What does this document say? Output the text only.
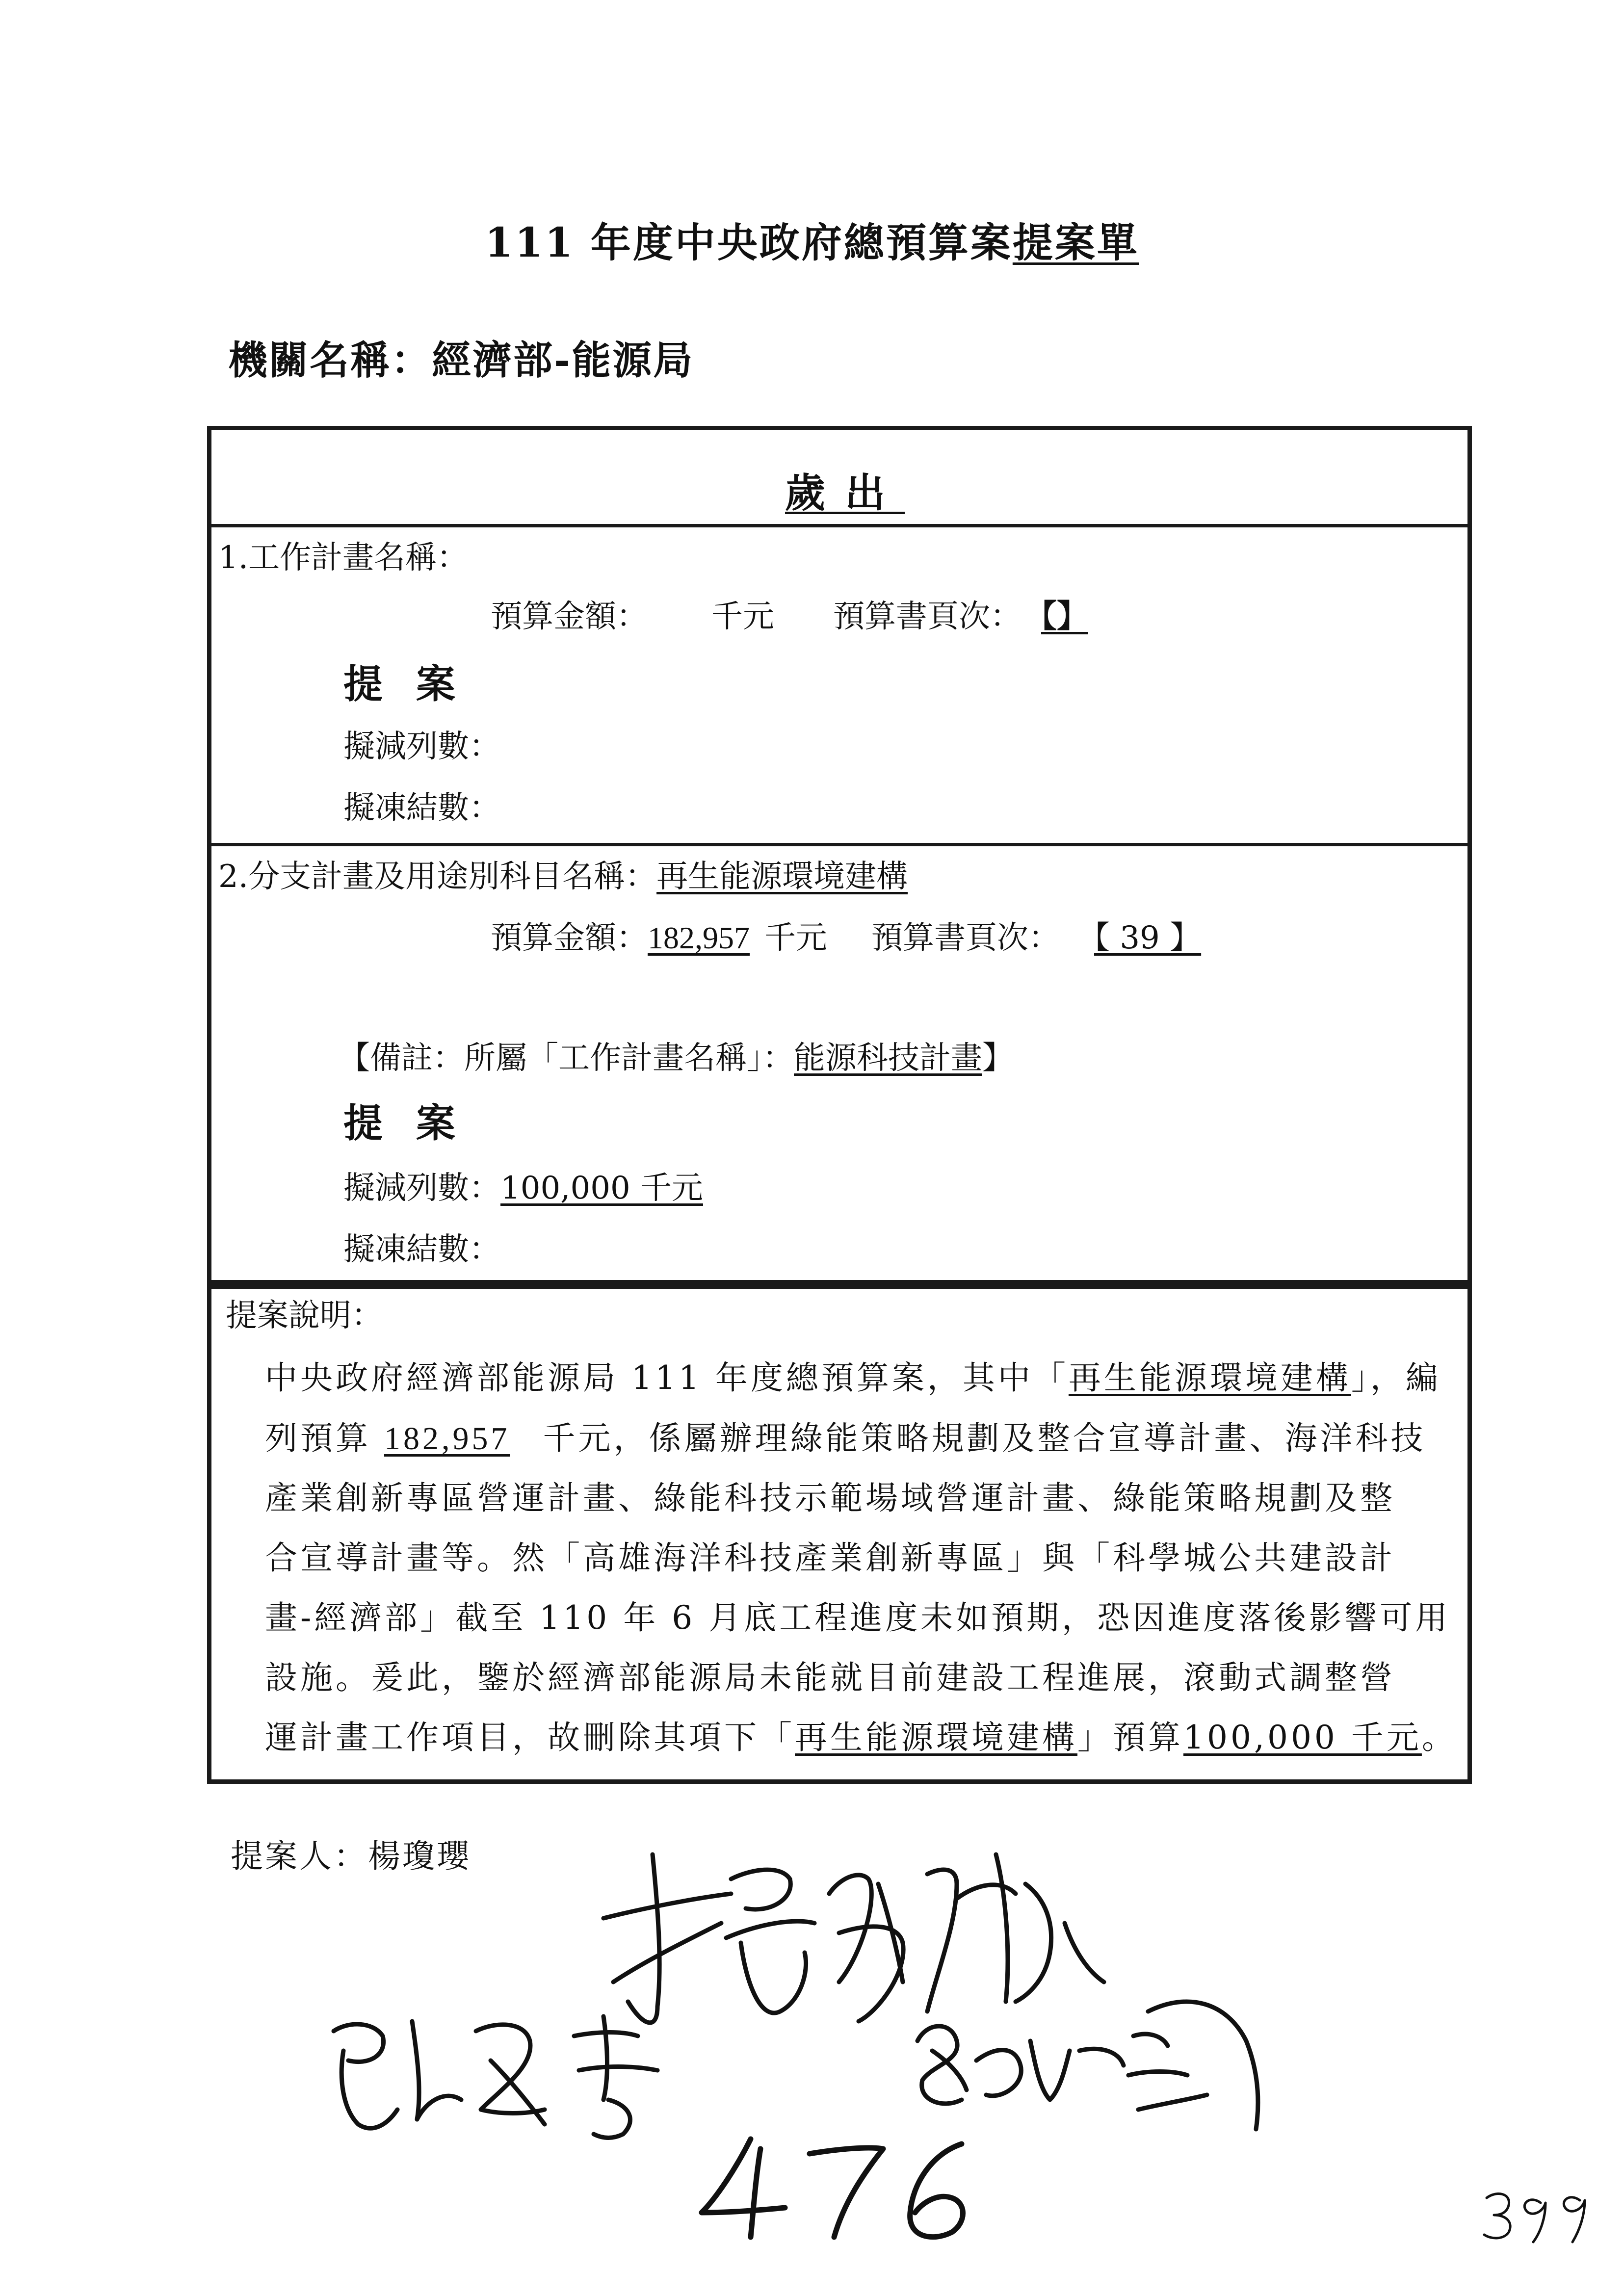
111 年度中央政府總預算案提案單
機關名稱：經濟部-能源局
歲出
1.工作計畫名稱：
預算金額： 千元 預算書頁次： 【】
提 案
擬減列數：
擬凍結數：
2.分支計畫及用途別科目名稱：再生能源環境建構
預算金額：182,957 千元 預算書頁次： 【 39 】
【備註：所屬「工作計畫名稱」：能源科技計畫】
提 案
擬減列數：100,000 千元
擬凍結數：
提案說明：
中央政府經濟部能源局 111 年度總預算案，其中「再生能源環境建構」，編
列預算 182,957 千元，係屬辦理綠能策略規劃及整合宣導計畫、海洋科技
產業創新專區營運計畫、綠能科技示範場域營運計畫、綠能策略規劃及整
合宣導計畫等。然「高雄海洋科技產業創新專區」與「科學城公共建設計
畫-經濟部」截至 110 年 6 月底工程進度未如預期，恐因進度落後影響可用
設施。爰此，鑒於經濟部能源局未能就目前建設工程進展，滾動式調整營
運計畫工作項目，故刪除其項下「再生能源環境建構」預算100,000 千元。
提案人：楊瓊瓔
